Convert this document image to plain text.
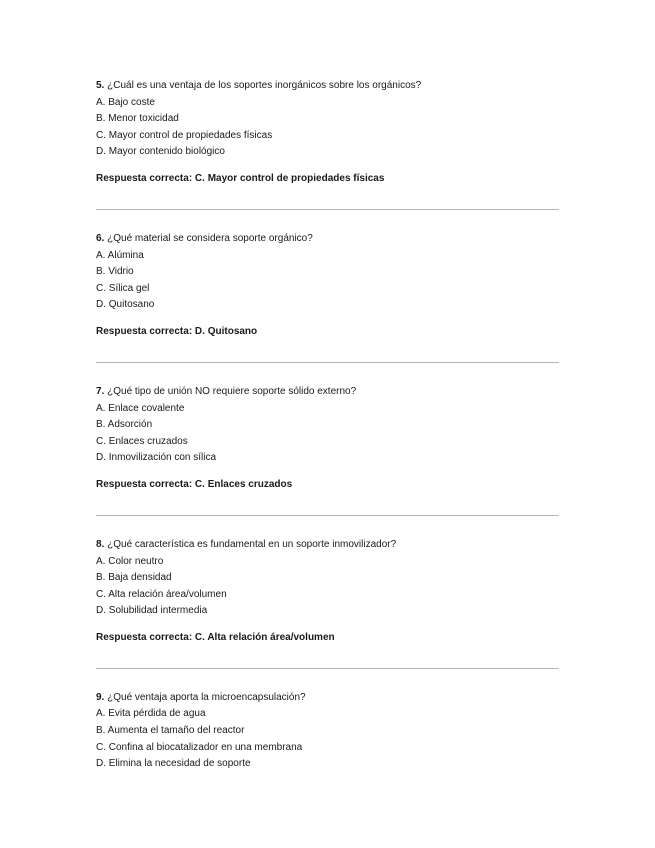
5. ¿Cuál es una ventaja de los soportes inorgánicos sobre los orgánicos?
A. Bajo coste
B. Menor toxicidad
C. Mayor control de propiedades físicas
D. Mayor contenido biológico
Respuesta correcta: C. Mayor control de propiedades físicas
6. ¿Qué material se considera soporte orgánico?
A. Alúmina
B. Vidrio
C. Sílica gel
D. Quitosano
Respuesta correcta: D. Quitosano
7. ¿Qué tipo de unión NO requiere soporte sólido externo?
A. Enlace covalente
B. Adsorción
C. Enlaces cruzados
D. Inmovilización con sílica
Respuesta correcta: C. Enlaces cruzados
8. ¿Qué característica es fundamental en un soporte inmovilizador?
A. Color neutro
B. Baja densidad
C. Alta relación área/volumen
D. Solubilidad intermedia
Respuesta correcta: C. Alta relación área/volumen
9. ¿Qué ventaja aporta la microencapsulación?
A. Evita pérdida de agua
B. Aumenta el tamaño del reactor
C. Confina al biocatalizador en una membrana
D. Elimina la necesidad de soporte
